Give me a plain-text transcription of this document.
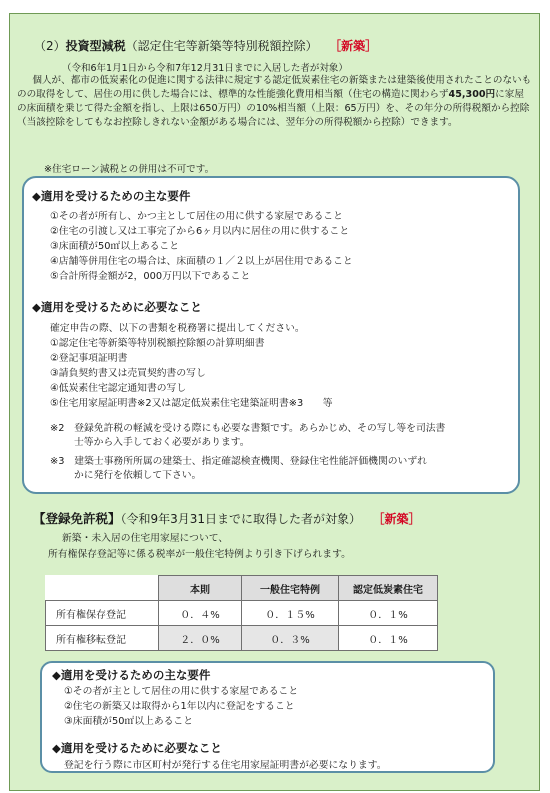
（2）投資型減税（認定住宅等新築等特別税額控除） ［新築］
（令和6年1月1日から令和7年12月31日までに入居した者が対象）

個人が、都市の低炭素化の促進に関する法律に規定する認定低炭素住宅の新築または建築後使用されたことのないものの取得をして、居住の用に供した場合には、標準的な性能強化費用相当額（住宅の構造に関わらず45,300円に家屋の床面積を乗じて得た金額を指し、上限は650万円）の10%相当額（上限：65万円）を、その年分の所得税額から控除（当該控除をしてもなお控除しきれない金額がある場合には、翌年分の所得税額から控除）できます。

※住宅ローン減税との併用は不可です。
◆適用を受けるための主な要件
①その者が所有し、かつ主として居住の用に供する家屋であること
②住宅の引渡し又は工事完了から6ヶ月以内に居住の用に供すること
③床面積が50㎡以上あること
④店舗等併用住宅の場合は、床面積の１／２以上が居住用であること
⑤合計所得金額が2，000万円以下であること
◆適用を受けるために必要なこと
確定申告の際、以下の書類を税務署に提出してください。
①認定住宅等新築等特別税額控除額の計算明細書
②登記事項証明書
③請負契約書又は売買契約書の写し
④低炭素住宅認定通知書の写し
⑤住宅用家屋証明書※2又は認定低炭素住宅建築証明書※3　　等
※2　登録免許税の軽減を受ける際にも必要な書類です。あらかじめ、その写し等を司法書
士等から入手しておく必要があります。
※3　建築士事務所所属の建築士、指定確認検査機関、登録住宅性能評価機関のいずれ
かに発行を依頼して下さい。
【登録免許税】（令和9年3月31日までに取得した者が対象） ［新築］
新築・未入居の住宅用家屋について、
所有権保存登記等に係る税率が一般住宅特例より引き下げられます。
	本則	一般住宅特例	認定低炭素住宅
所有権保存登記	０．４%	０．１５%	０．１%
所有権移転登記	２．０%	０．３%	０．１%
◆適用を受けるための主な要件
①その者が主として居住の用に供する家屋であること
②住宅の新築又は取得から1年以内に登記をすること
③床面積が50㎡以上あること
◆適用を受けるために必要なこと
登記を行う際に市区町村が発行する住宅用家屋証明書が必要になります。
